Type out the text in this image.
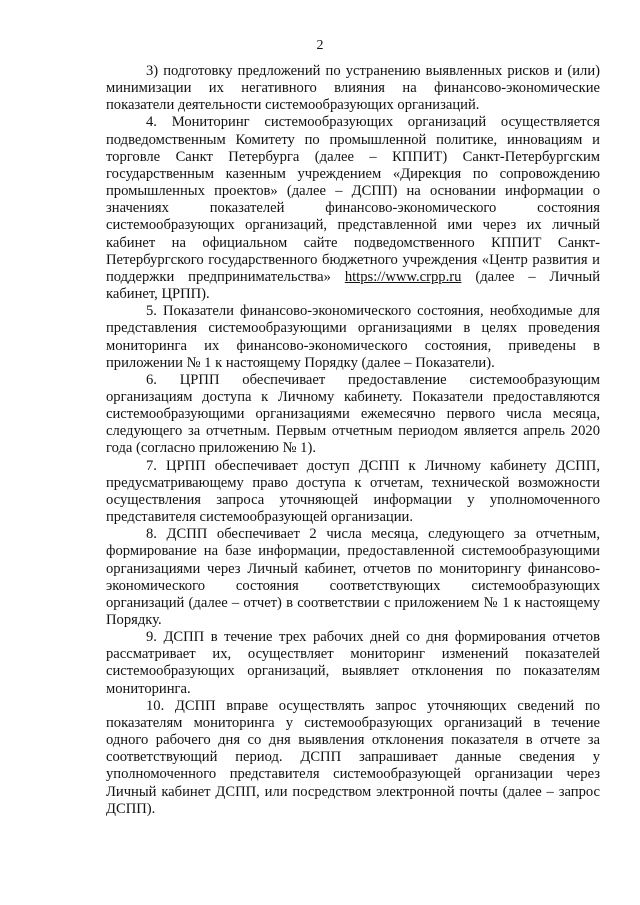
2

3) подготовку предложений по устранению выявленных рисков и (или) минимизации их негативного влияния на финансово-экономические показатели деятельности системообразующих организаций.

4. Мониторинг системообразующих организаций осуществляется подведомственным Комитету по промышленной политике, инновациям и торговле Санкт Петербурга (далее – КППИТ) Санкт-Петербургским государственным казенным учреждением «Дирекция по сопровождению промышленных проектов» (далее – ДСПП) на основании информации о значениях показателей финансово-экономического состояния системообразующих организаций, представленной ими через их личный кабинет на официальном сайте подведомственного КППИТ Санкт-Петербургского государственного бюджетного учреждения «Центр развития и поддержки предпринимательства» https://www.crpp.ru (далее – Личный кабинет, ЦРПП).

5. Показатели финансово-экономического состояния, необходимые для представления системообразующими организациями в целях проведения мониторинга их финансово-экономического состояния, приведены в приложении № 1 к настоящему Порядку (далее – Показатели).

6. ЦРПП обеспечивает предоставление системообразующим организациям доступа к Личному кабинету. Показатели предоставляются системообразующими организациями ежемесячно первого числа месяца, следующего за отчетным. Первым отчетным периодом является апрель 2020 года (согласно приложению № 1).

7. ЦРПП обеспечивает доступ ДСПП к Личному кабинету ДСПП, предусматривающему право доступа к отчетам, технической возможности осуществления запроса уточняющей информации у уполномоченного представителя системообразующей организации.

8. ДСПП обеспечивает 2 числа месяца, следующего за отчетным, формирование на базе информации, предоставленной системообразующими организациями через Личный кабинет, отчетов по мониторингу финансово-экономического состояния соответствующих системообразующих организаций (далее – отчет) в соответствии с приложением № 1 к настоящему Порядку.

9. ДСПП в течение трех рабочих дней со дня формирования отчетов рассматривает их, осуществляет мониторинг изменений показателей системообразующих организаций, выявляет отклонения по показателям мониторинга.

10. ДСПП вправе осуществлять запрос уточняющих сведений по показателям мониторинга у системообразующих организаций в течение одного рабочего дня со дня выявления отклонения показателя в отчете за соответствующий период. ДСПП запрашивает данные сведения у уполномоченного представителя системообразующей организации через Личный кабинет ДСПП, или посредством электронной почты (далее – запрос ДСПП).
